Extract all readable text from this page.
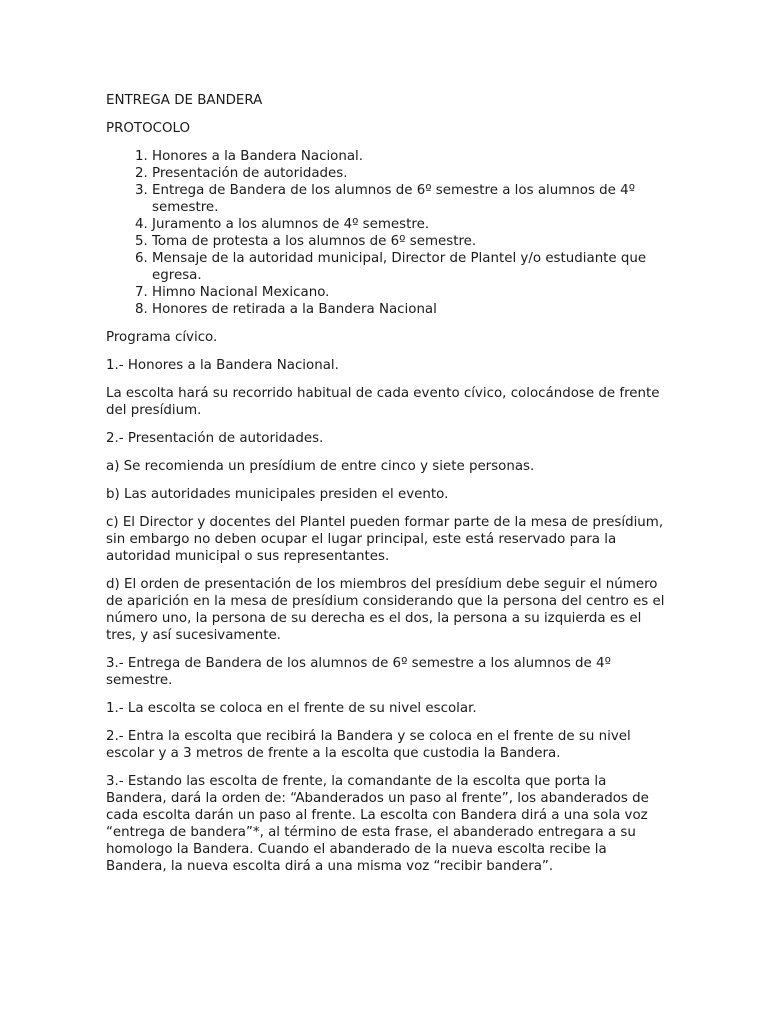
ENTREGA DE BANDERA

PROTOCOLO

1. Honores a la Bandera Nacional.
2. Presentación de autoridades.
3. Entrega de Bandera de los alumnos de 6º semestre a los alumnos de 4º semestre.
4. Juramento a los alumnos de 4º semestre.
5. Toma de protesta a los alumnos de 6º semestre.
6. Mensaje de la autoridad municipal, Director de Plantel y/o estudiante que egresa.
7. Himno Nacional Mexicano.
8. Honores de retirada a la Bandera Nacional

Programa cívico.

1.- Honores a la Bandera Nacional.

La escolta hará su recorrido habitual de cada evento cívico, colocándose de frente del presídium.

2.- Presentación de autoridades.

a) Se recomienda un presídium de entre cinco y siete personas.

b) Las autoridades municipales presiden el evento.

c) El Director y docentes del Plantel pueden formar parte de la mesa de presídium, sin embargo no deben ocupar el lugar principal, este está reservado para la autoridad municipal o sus representantes.

d) El orden de presentación de los miembros del presídium debe seguir el número de aparición en la mesa de presídium considerando que la persona del centro es el número uno, la persona de su derecha es el dos, la persona a su izquierda es el tres, y así sucesivamente.

3.- Entrega de Bandera de los alumnos de 6º semestre a los alumnos de 4º semestre.

1.- La escolta se coloca en el frente de su nivel escolar.

2.- Entra la escolta que recibirá la Bandera y se coloca en el frente de su nivel escolar y a 3 metros de frente a la escolta que custodia la Bandera.

3.- Estando las escolta de frente, la comandante de la escolta que porta la Bandera, dará la orden de: “Abanderados un paso al frente”, los abanderados de cada escolta darán un paso al frente. La escolta con Bandera dirá a una sola voz “entrega de bandera”*, al término de esta frase, el abanderado entregara a su homologo la Bandera. Cuando el abanderado de la nueva escolta recibe la Bandera, la nueva escolta dirá a una misma voz “recibir bandera”.
